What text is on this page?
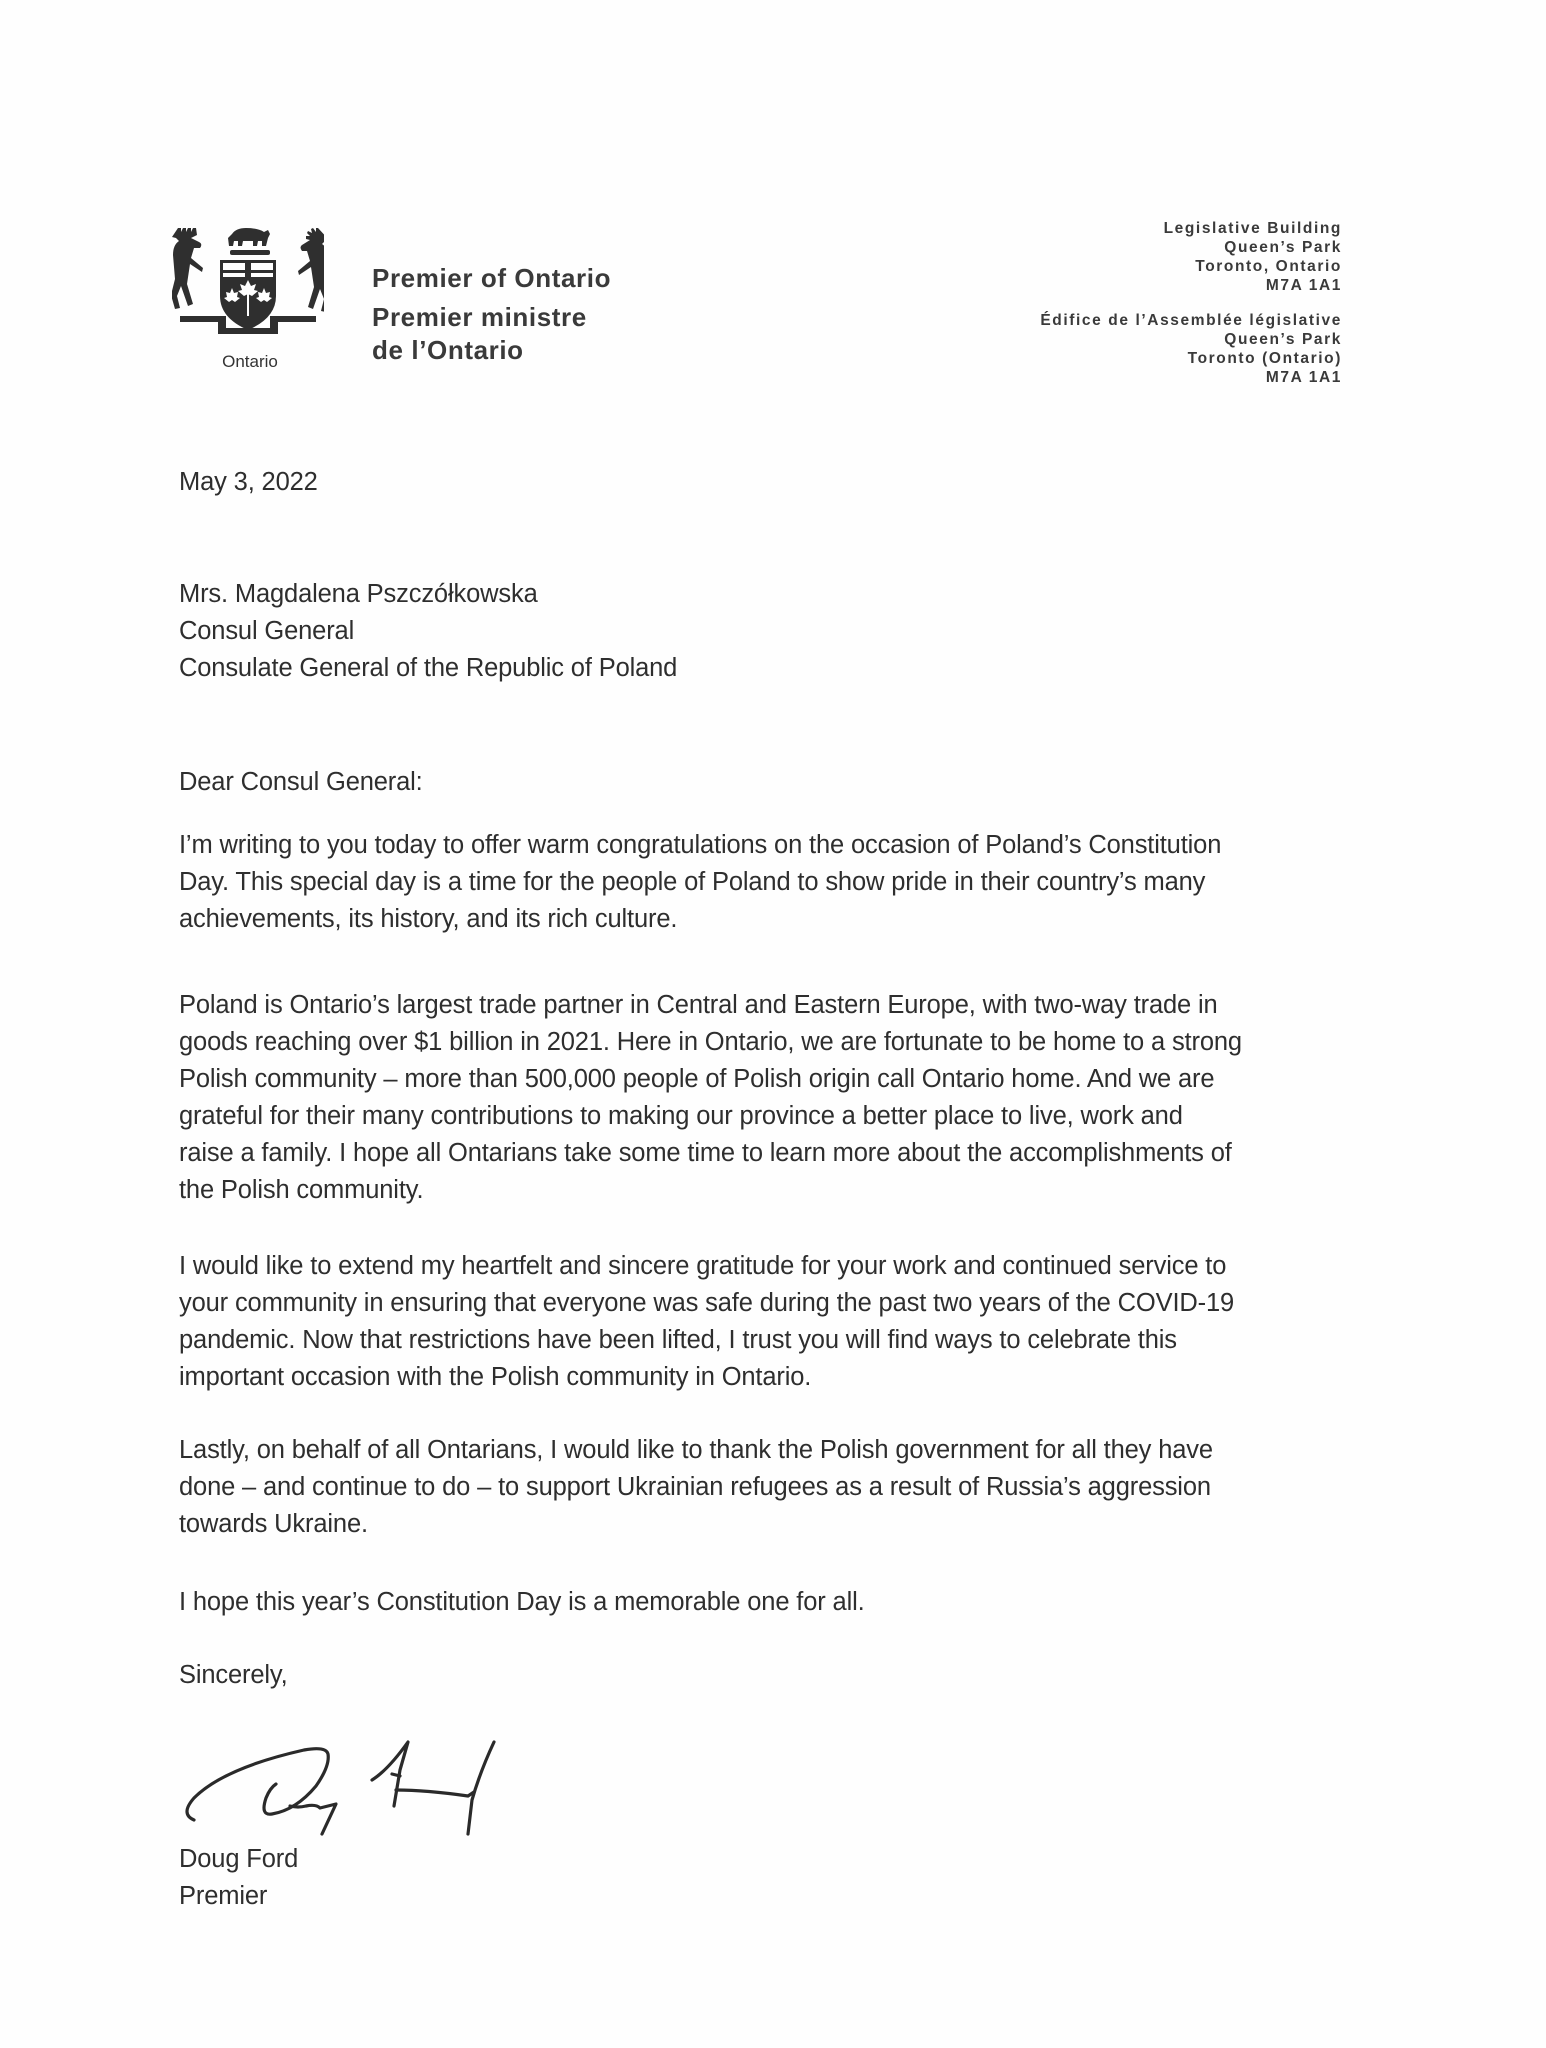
Ontario
Premier of Ontario
Premier ministre
de l’Ontario
Legislative Building
Queen’s Park
Toronto, Ontario
M7A 1A1
Édifice de l’Assemblée législative
Queen’s Park
Toronto (Ontario)
M7A 1A1
May 3, 2022
Mrs. Magdalena Pszczółkowska
Consul General
Consulate General of the Republic of Poland
Dear Consul General:
I’m writing to you today to offer warm congratulations on the occasion of Poland’s Constitution
Day. This special day is a time for the people of Poland to show pride in their country’s many
achievements, its history, and its rich culture.
Poland is Ontario’s largest trade partner in Central and Eastern Europe, with two-way trade in
goods reaching over $1 billion in 2021. Here in Ontario, we are fortunate to be home to a strong
Polish community – more than 500,000 people of Polish origin call Ontario home. And we are
grateful for their many contributions to making our province a better place to live, work and
raise a family. I hope all Ontarians take some time to learn more about the accomplishments of
the Polish community.
I would like to extend my heartfelt and sincere gratitude for your work and continued service to
your community in ensuring that everyone was safe during the past two years of the COVID-19
pandemic. Now that restrictions have been lifted, I trust you will find ways to celebrate this
important occasion with the Polish community in Ontario.
Lastly, on behalf of all Ontarians, I would like to thank the Polish government for all they have
done – and continue to do – to support Ukrainian refugees as a result of Russia’s aggression
towards Ukraine.
I hope this year’s Constitution Day is a memorable one for all.
Sincerely,
Doug Ford
Premier
